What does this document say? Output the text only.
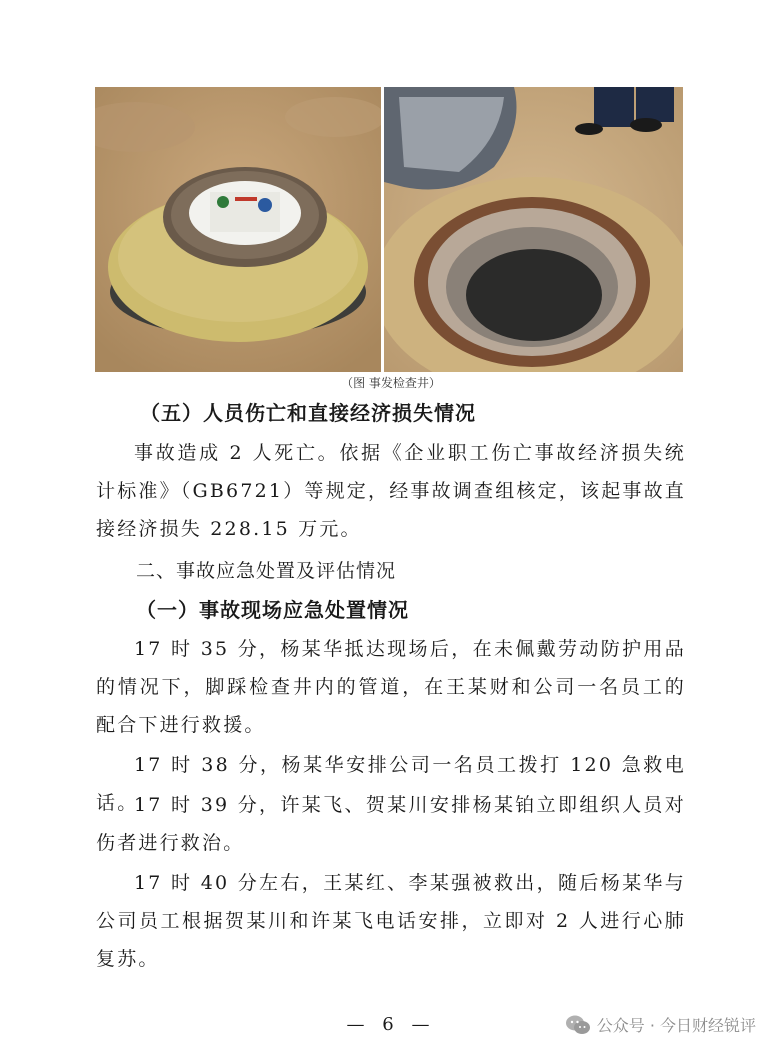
（图 事发检查井）
（五）人员伤亡和直接经济损失情况
事故造成 2 人死亡。依据《企业职工伤亡事故经济损失统计标准》（GB6721）等规定，经事故调查组核定，该起事故直接经济损失 228.15 万元。
二、事故应急处置及评估情况
（一）事故现场应急处置情况
17 时 35 分，杨某华抵达现场后，在未佩戴劳动防护用品的情况下，脚踩检查井内的管道，在王某财和公司一名员工的配合下进行救援。
17 时 38 分，杨某华安排公司一名员工拨打 120 急救电话。
17 时 39 分，许某飞、贺某川安排杨某铂立即组织人员对伤者进行救治。
17 时 40 分左右，王某红、李某强被救出，随后杨某华与公司员工根据贺某川和许某飞电话安排，立即对 2 人进行心肺复苏。
— 6 —	公众号 · 今日财经锐评
